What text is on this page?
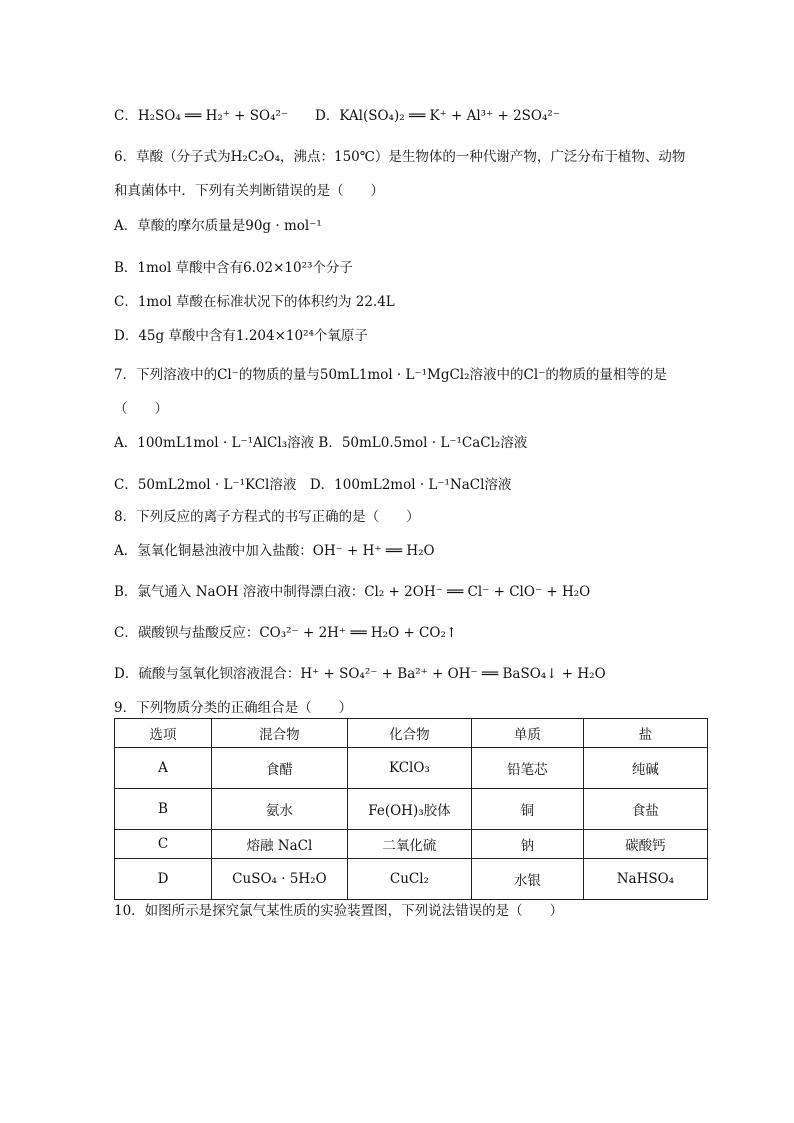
C．H₂SO₄ ══ H₂⁺ + SO₄²⁻　　D．KAl(SO₄)₂ ══ K⁺ + Al³⁺ + 2SO₄²⁻
6．草酸（分子式为H₂C₂O₄，沸点：150℃）是生物体的一种代谢产物，广泛分布于植物、动物
和真菌体中．下列有关判断错误的是（　　）
A．草酸的摩尔质量是90g · mol⁻¹
B．1mol 草酸中含有6.02×10²³个分子
C．1mol 草酸在标准状况下的体积约为 22.4L
D．45g 草酸中含有1.204×10²⁴个氧原子
7．下列溶液中的Cl⁻的物质的量与50mL1mol · L⁻¹MgCl₂溶液中的Cl⁻的物质的量相等的是
（　　）
A．100mL1mol · L⁻¹AlCl₃溶液 B．50mL0.5mol · L⁻¹CaCl₂溶液
C．50mL2mol · L⁻¹KCl溶液　D．100mL2mol · L⁻¹NaCl溶液
8．下列反应的离子方程式的书写正确的是（　　）
A．氢氧化铜悬浊液中加入盐酸：OH⁻ + H⁺ ══ H₂O
B．氯气通入 NaOH 溶液中制得漂白液：Cl₂ + 2OH⁻ ══ Cl⁻ + ClO⁻ + H₂O
C．碳酸钡与盐酸反应：CO₃²⁻ + 2H⁺ ══ H₂O + CO₂↑
D．硫酸与氢氧化钡溶液混合：H⁺ + SO₄²⁻ + Ba²⁺ + OH⁻ ══ BaSO₄↓ + H₂O
9．下列物质分类的正确组合是（　　）
选项	混合物	化合物	单质	盐
A	食醋	KClO₃	铅笔芯	纯碱
B	氨水	Fe(OH)₃胶体	铜	食盐
C	熔融 NaCl	二氧化硫	钠	碳酸钙
D	CuSO₄ · 5H₂O	CuCl₂	水银	NaHSO₄
10．如图所示是探究氯气某性质的实验装置图，下列说法错误的是（　　）
